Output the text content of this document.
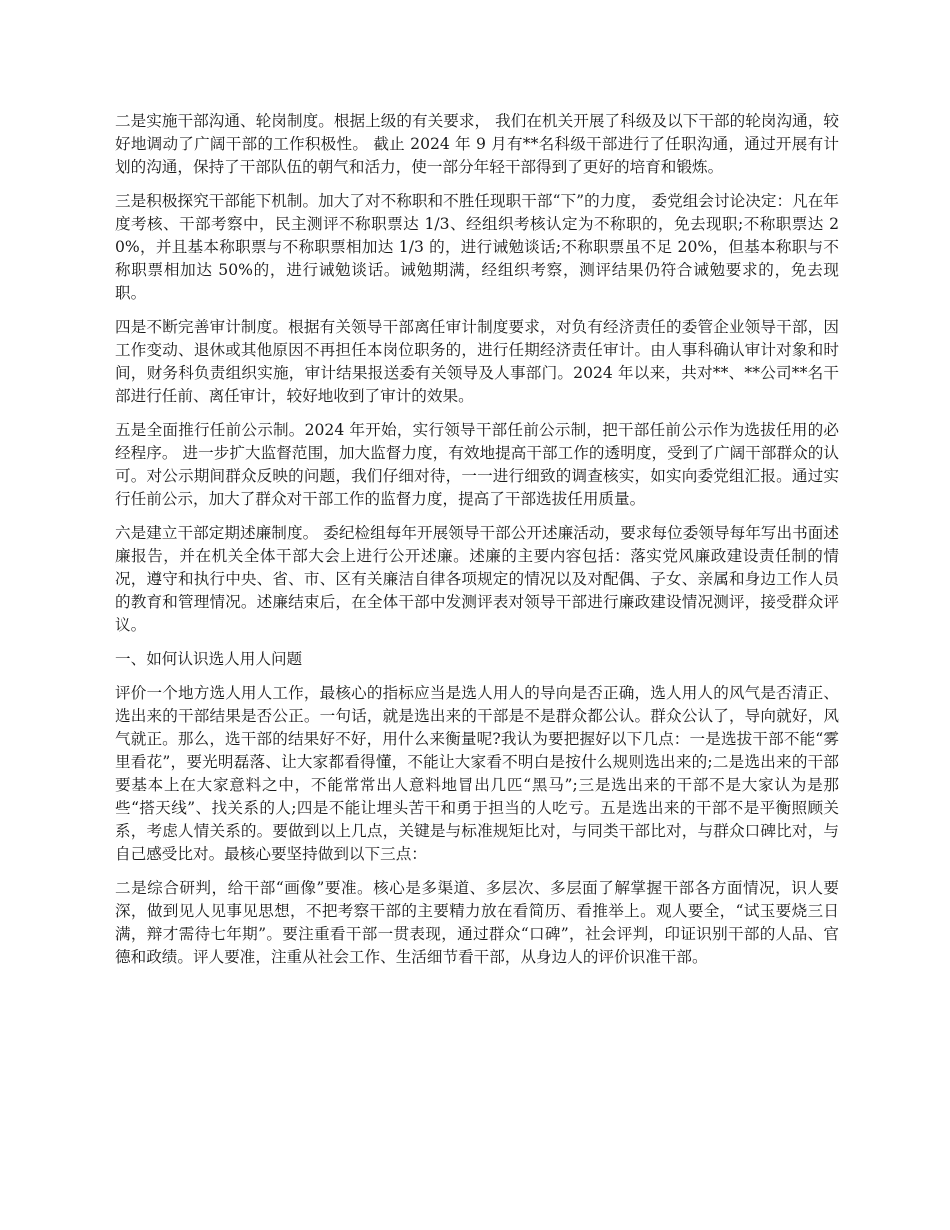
二是实施干部沟通、轮岗制度。根据上级的有关要求， 我们在机关开展了科级及以下干部的轮岗沟通，较好地调动了广阔干部的工作积极性。 截止 2024 年 9 月有**名科级干部进行了任职沟通，通过开展有计划的沟通，保持了干部队伍的朝气和活力，使一部分年轻干部得到了更好的培育和锻炼。

三是积极探究干部能下机制。加大了对不称职和不胜任现职干部“下”的力度， 委党组会讨论决定：凡在年度考核、干部考察中，民主测评不称职票达 1/3、经组织考核认定为不称职的，免去现职;不称职票达 20%，并且基本称职票与不称职票相加达 1/3 的，进行诫勉谈话;不称职票虽不足 20%，但基本称职与不称职票相加达 50%的，进行诫勉谈话。诫勉期满，经组织考察，测评结果仍符合诫勉要求的，免去现职。

四是不断完善审计制度。根据有关领导干部离任审计制度要求，对负有经济责任的委管企业领导干部，因工作变动、退休或其他原因不再担任本岗位职务的，进行任期经济责任审计。由人事科确认审计对象和时间，财务科负责组织实施，审计结果报送委有关领导及人事部门。2024 年以来，共对**、**公司**名干部进行任前、离任审计，较好地收到了审计的效果。

五是全面推行任前公示制。2024 年开始，实行领导干部任前公示制，把干部任前公示作为选拔任用的必经程序。 进一步扩大监督范围，加大监督力度，有效地提高干部工作的透明度，受到了广阔干部群众的认可。对公示期间群众反映的问题，我们仔细对待，一一进行细致的调查核实，如实向委党组汇报。通过实行任前公示，加大了群众对干部工作的监督力度，提高了干部选拔任用质量。

六是建立干部定期述廉制度。 委纪检组每年开展领导干部公开述廉活动，要求每位委领导每年写出书面述廉报告，并在机关全体干部大会上进行公开述廉。述廉的主要内容包括：落实党风廉政建设责任制的情况，遵守和执行中央、省、市、区有关廉洁自律各项规定的情况以及对配偶、子女、亲属和身边工作人员的教育和管理情况。述廉结束后，在全体干部中发测评表对领导干部进行廉政建设情况测评，接受群众评议。

一、如何认识选人用人问题

评价一个地方选人用人工作，最核心的指标应当是选人用人的导向是否正确，选人用人的风气是否清正、选出来的干部结果是否公正。一句话，就是选出来的干部是不是群众都公认。群众公认了，导向就好，风气就正。那么，选干部的结果好不好，用什么来衡量呢?我认为要把握好以下几点：一是选拔干部不能“雾里看花”，要光明磊落、让大家都看得懂，不能让大家看不明白是按什么规则选出来的;二是选出来的干部要基本上在大家意料之中，不能常常出人意料地冒出几匹“黑马”;三是选出来的干部不是大家认为是那些“搭天线”、找关系的人;四是不能让埋头苦干和勇于担当的人吃亏。五是选出来的干部不是平衡照顾关系，考虑人情关系的。要做到以上几点，关键是与标准规矩比对，与同类干部比对，与群众口碑比对，与自己感受比对。最核心要坚持做到以下三点：

二是综合研判，给干部“画像”要准。核心是多渠道、多层次、多层面了解掌握干部各方面情况，识人要深，做到见人见事见思想，不把考察干部的主要精力放在看简历、看推举上。观人要全，“试玉要烧三日满，辩才需待七年期”。要注重看干部一贯表现，通过群众“口碑”，社会评判，印证识别干部的人品、官德和政绩。评人要准，注重从社会工作、生活细节看干部，从身边人的评价识准干部。
